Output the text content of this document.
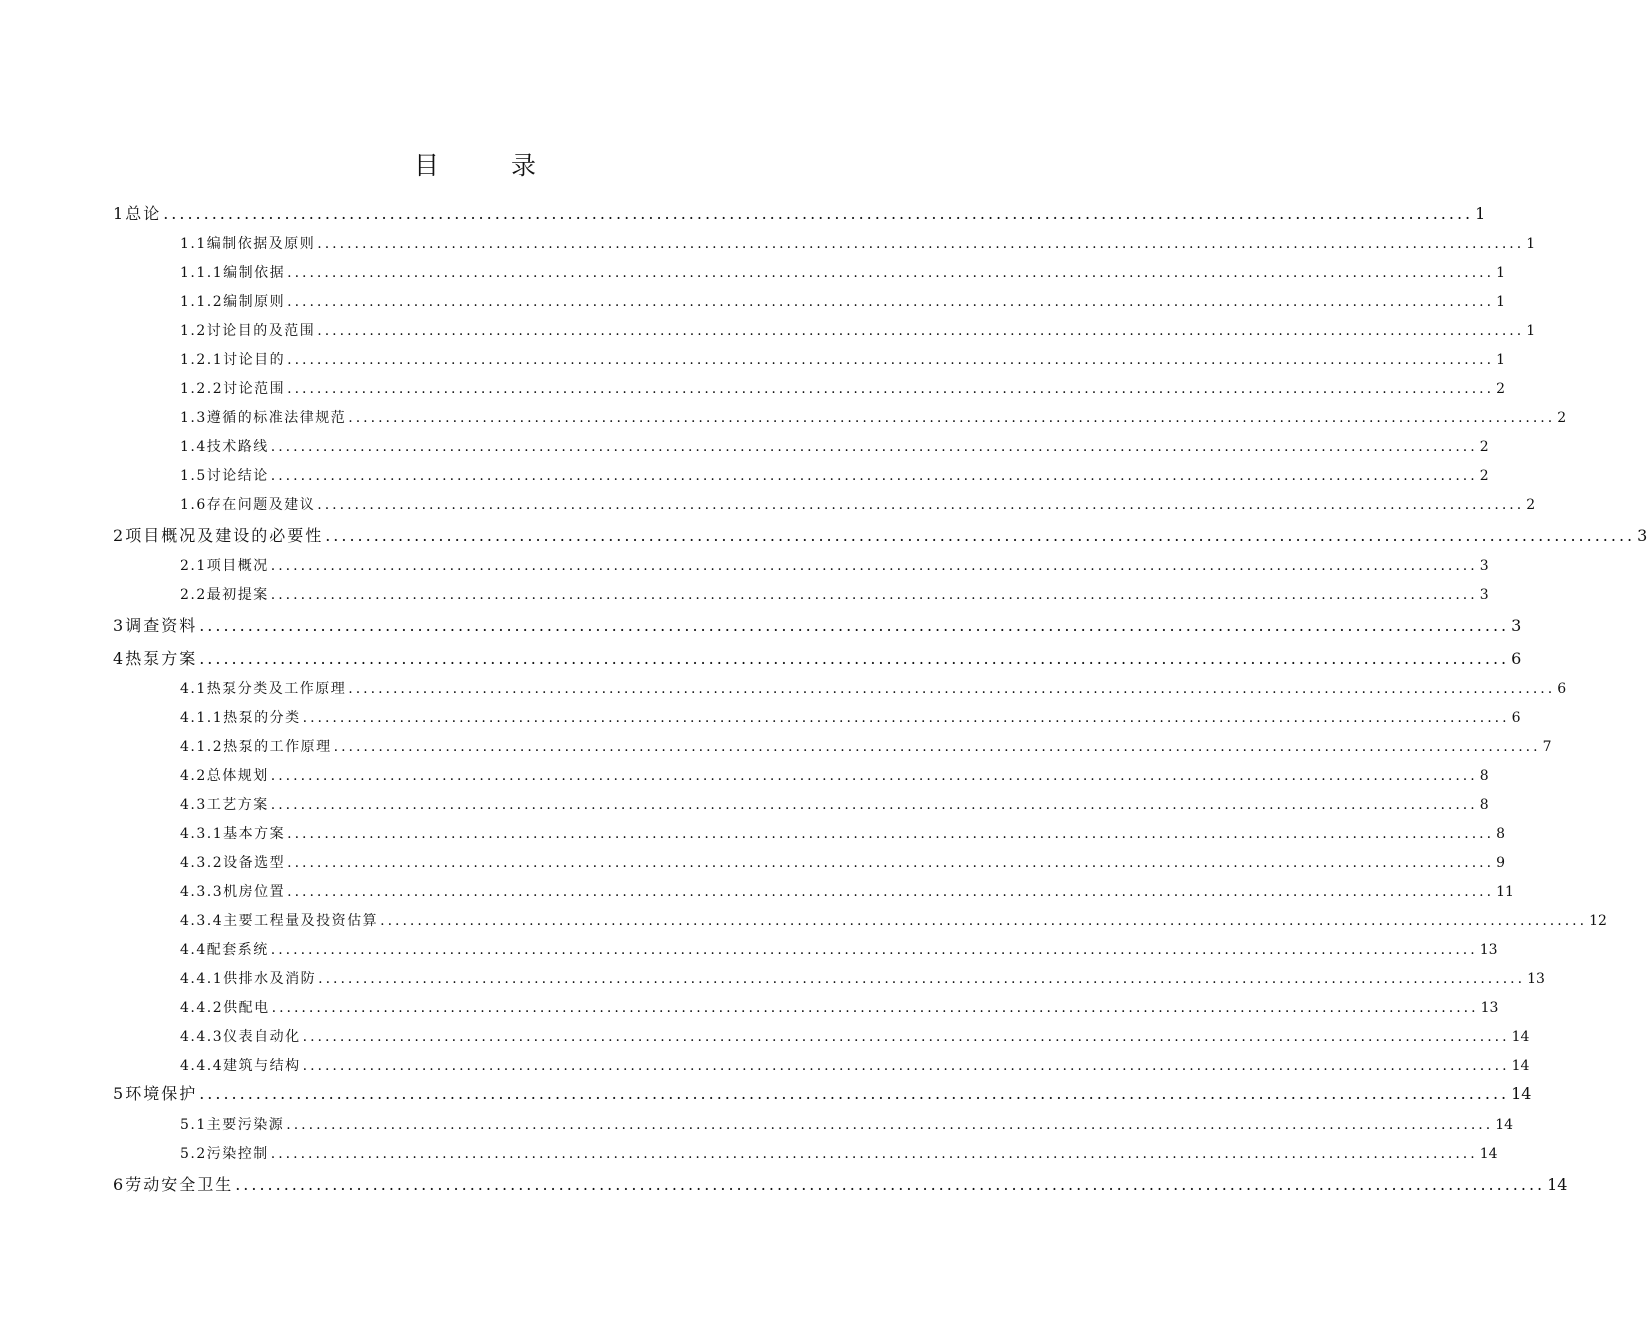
目 录
1 总论 .................................................................................................................................................................. 1
1.1 编制依据及原则 .................................................................................................................................................................. 1
1.1.1 编制依据 .................................................................................................................................................................. 1
1.1.2 编制原则 .................................................................................................................................................................. 1
1.2 讨论目的及范围 .................................................................................................................................................................. 1
1.2.1 讨论目的 .................................................................................................................................................................. 1
1.2.2 讨论范围 .................................................................................................................................................................. 2
1.3 遵循的标准法律规范 .................................................................................................................................................................. 2
1.4 技术路线 .................................................................................................................................................................. 2
1.5 讨论结论 .................................................................................................................................................................. 2
1.6 存在问题及建议 .................................................................................................................................................................. 2
2 项目概况及建设的必要性 .................................................................................................................................................................. 3
2.1 项目概况 .................................................................................................................................................................. 3
2.2 最初提案 .................................................................................................................................................................. 3
3 调查资料 .................................................................................................................................................................. 3
4 热泵方案 .................................................................................................................................................................. 6
4.1 热泵分类及工作原理 .................................................................................................................................................................. 6
4.1.1 热泵的分类 .................................................................................................................................................................. 6
4.1.2 热泵的工作原理 .................................................................................................................................................................. 7
4.2 总体规划 .................................................................................................................................................................. 8
4.3 工艺方案 .................................................................................................................................................................. 8
4.3.1 基本方案 .................................................................................................................................................................. 8
4.3.2 设备选型 .................................................................................................................................................................. 9
4.3.3 机房位置 .................................................................................................................................................................. 11
4.3.4 主要工程量及投资估算 .................................................................................................................................................................. 12
4.4 配套系统 .................................................................................................................................................................. 13
4.4.1 供排水及消防 .................................................................................................................................................................. 13
4.4.2 供配电 .................................................................................................................................................................. 13
4.4.3 仪表自动化 .................................................................................................................................................................. 14
4.4.4 建筑与结构 .................................................................................................................................................................. 14
5 环境保护 .................................................................................................................................................................. 14
5.1 主要污染源 .................................................................................................................................................................. 14
5.2 污染控制 .................................................................................................................................................................. 14
6 劳动安全卫生 .................................................................................................................................................................. 14
